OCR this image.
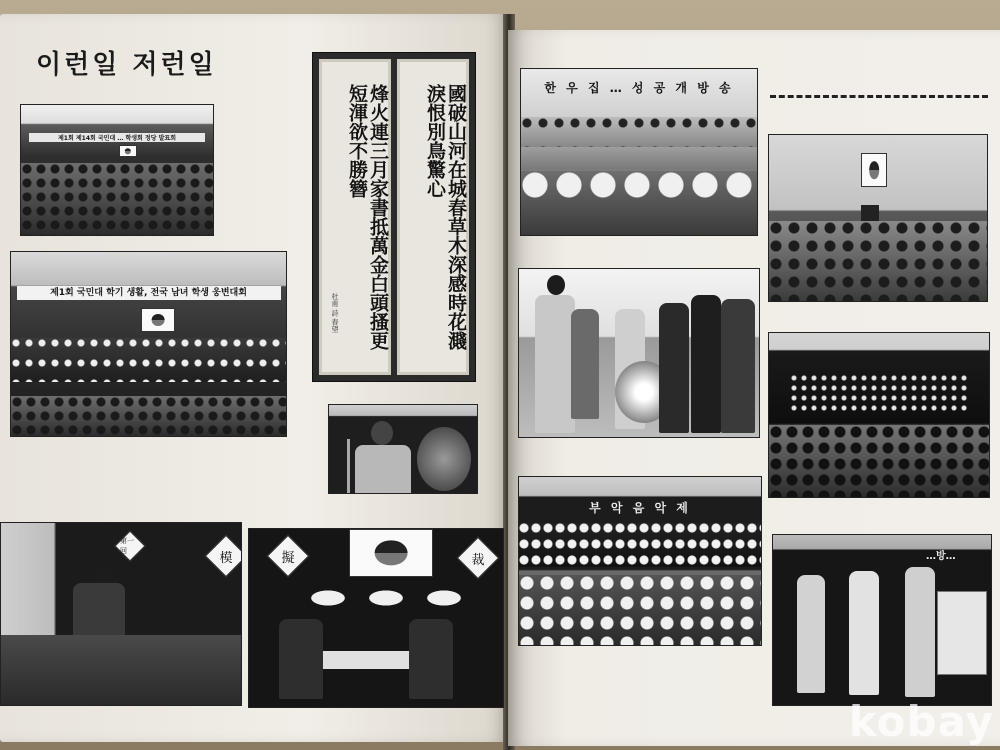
이런일 저런일
제1회 제14회 국민대 … 학생회 정당 발표회
제1회 국민대 학기 생활, 전국 남녀 학생 웅변대회	烽火連三月家書抵萬金白頭搔更短渾欲不勝簪
杜甫 詩 春望	國破山河在城春草木深感時花濺淚恨別鳥驚心
第一回	模	擬	裁
한 우 집 … 성 공 개 방 송
부 악 음 악 제
…방…
kobay
